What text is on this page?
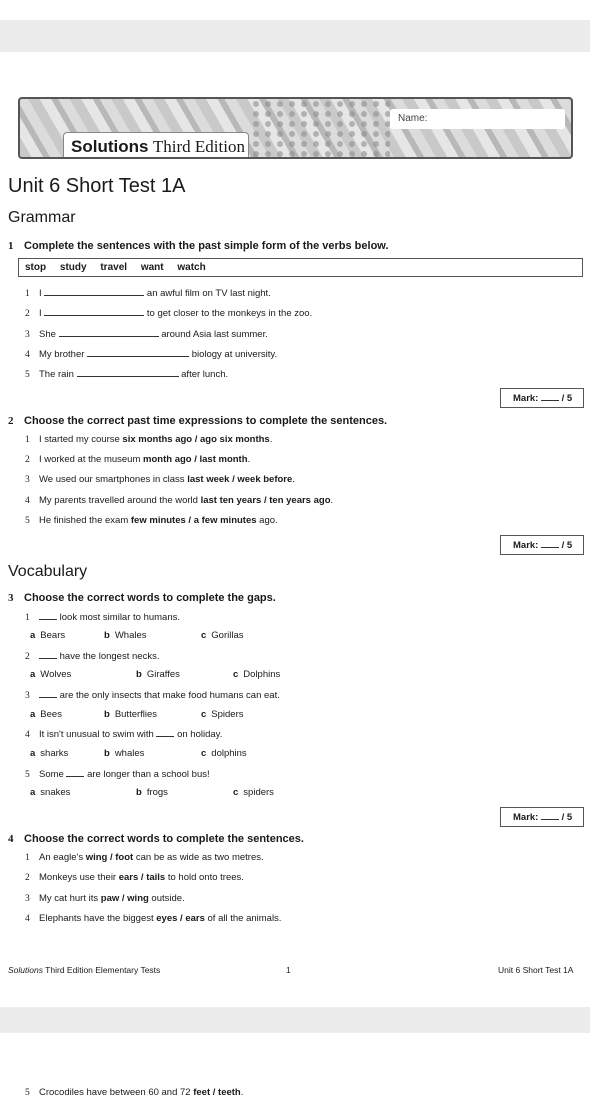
Name:
Solutions Third Edition
Unit 6 Short Test 1A
Grammar
1 Complete the sentences with the past simple form of the verbs below.
stop study travel want watch
1 I	an awful film on TV last night.
2 I	to get closer to the monkeys in the zoo.
3 She	around Asia last summer.
4 My brother	biology at university.
5 The rain	after lunch.
Mark: / 5
2 Choose the correct past time expressions to complete the sentences.
1 I started my course six months ago / ago six months.
2 I worked at the museum month ago / last month.
3 We used our smartphones in class last week / week before.
4 My parents travelled around the world last ten years / ten years ago.
5 He finished the exam few minutes / a few minutes ago.
Mark: / 5
Vocabulary
3 Choose the correct words to complete the gaps.
1	look most similar to humans.
a Bears	b Whales	c Gorillas
2	have the longest necks.
a Wolves	b Giraffes	c Dolphins
3	are the only insects that make food humans can eat.
a Bees	b Butterflies	c Spiders
4 It isn't unusual to swim with on holiday.
a sharks	b whales	c dolphins
5 Some are longer than a school bus!
a snakes	b frogs	c spiders
Mark: / 5
4 Choose the correct words to complete the sentences.
1 An eagle's wing / foot can be as wide as two metres.
2 Monkeys use their ears / tails to hold onto trees.
3 My cat hurt its paw / wing outside.
4 Elephants have the biggest eyes / ears of all the animals.
Solutions Third Edition Elementary Tests	1	Unit 6 Short Test 1A
5 Crocodiles have between 60 and 72 feet / teeth.
